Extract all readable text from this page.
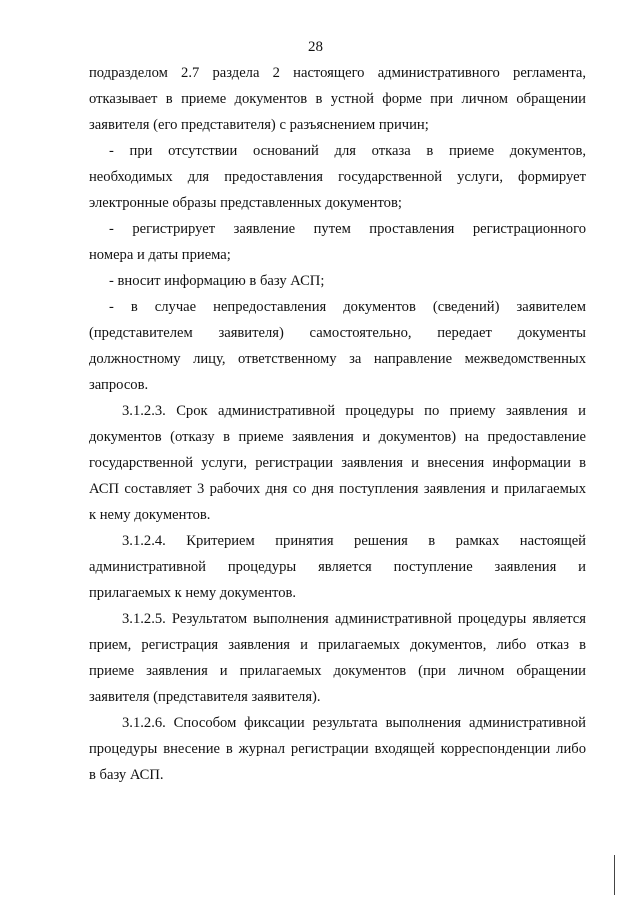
28

подразделом 2.7 раздела 2 настоящего административного регламента, отказывает в приеме документов в устной форме при личном обращении заявителя (его представителя) с разъяснением причин;

- при отсутствии оснований для отказа в приеме документов, необходимых для предоставления государственной услуги, формирует электронные образы представленных документов;

- регистрирует заявление путем проставления регистрационного номера и даты приема;

- вносит информацию в базу АСП;

- в случае непредоставления документов (сведений) заявителем (представителем заявителя) самостоятельно, передает документы должностному лицу, ответственному за направление межведомственных запросов.

3.1.2.3. Срок административной процедуры по приему заявления и документов (отказу в приеме заявления и документов) на предоставление государственной услуги, регистрации заявления и внесения информации в АСП составляет 3 рабочих дня со дня поступления заявления и прилагаемых к нему документов.

3.1.2.4. Критерием принятия решения в рамках настоящей административной процедуры является поступление заявления и прилагаемых к нему документов.

3.1.2.5. Результатом выполнения административной процедуры является прием, регистрация заявления и прилагаемых документов, либо отказ в приеме заявления и прилагаемых документов (при личном обращении заявителя (представителя заявителя).

3.1.2.6. Способом фиксации результата выполнения административной процедуры внесение в журнал регистрации входящей корреспонденции либо в базу АСП.
